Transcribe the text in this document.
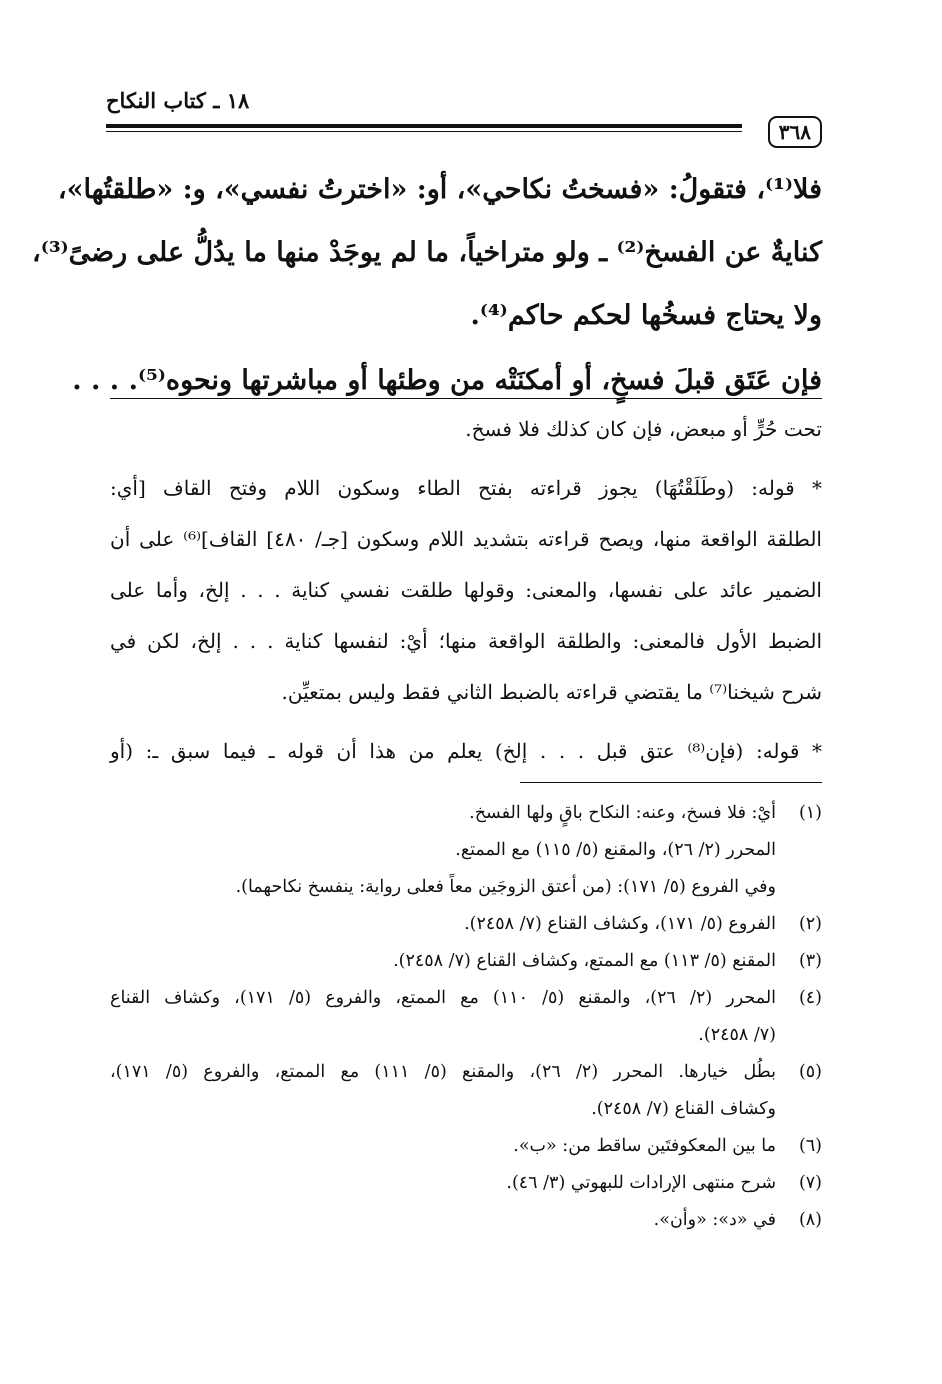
١٨ ـ كتاب النكاح
٣٦٨

فلا⁽¹⁾، فتقولُ: «فسختُ نكاحي»، أو: «اخترتُ نفسي»، و: «طلقتُها»،
كنايةٌ عن الفسخ⁽²⁾ ـ ولو متراخياً، ما لم يوجَدْ منها ما يدُلُّ على رضىً⁽³⁾،
ولا يحتاج فسخُها لحكم حاكم⁽⁴⁾.

فإن عَتَق قبلَ فسخٍ، أو أمكنَتْه من وطئها أو مباشرتها ونحوه⁽⁵⁾. . . .

تحت حُرٍّ أو مبعض، فإن كان كذلك فلا فسخ.
* قوله: (وطَلَقْتُهَا) يجوز قراءته بفتح الطاء وسكون اللام وفتح القاف [أي:
الطلقة الواقعة منها، ويصح قراءته بتشديد اللام وسكون [جـ/ ٤٨٠] القاف]⁽⁶⁾ على أن
الضمير عائد على نفسها، والمعنى: وقولها طلقت نفسي كناية . . . إلخ، وأما على
الضبط الأول فالمعنى: والطلقة الواقعة منها؛ أيْ: لنفسها كناية . . . إلخ، لكن في
شرح شيخنا⁽⁷⁾ ما يقتضي قراءته بالضبط الثاني فقط وليس بمتعيِّن.
* قوله: (فإن⁽⁸⁾ عتق قبل . . . إلخ) يعلم من هذا أن قوله ـ فيما سبق ـ: (أو
(١)
أيْ: فلا فسخ، وعنه: النكاح باقٍ ولها الفسخ.
المحرر (٢/ ٢٦)، والمقنع (٥/ ١١٥) مع الممتع.
وفي الفروع (٥/ ١٧١): (من أعتق الزوجَين معاً فعلى رواية: ينفسخ نكاحهما).
(٢)
الفروع (٥/ ١٧١)، وكشاف القناع (٧/ ٢٤٥٨).
(٣)
المقنع (٥/ ١١٣) مع الممتع، وكشاف القناع (٧/ ٢٤٥٨).
(٤)
المحرر (٢/ ٢٦)، والمقنع (٥/ ١١٠) مع الممتع، والفروع (٥/ ١٧١)، وكشاف القناع
(٧/ ٢٤٥٨).
(٥)
بطُل خيارها. المحرر (٢/ ٢٦)، والمقنع (٥/ ١١١) مع الممتع، والفروع (٥/ ١٧١)،
وكشاف القناع (٧/ ٢٤٥٨).
(٦)
ما بين المعكوفتَين ساقط من: «ب».
(٧)
شرح منتهى الإرادات للبهوتي (٣/ ٤٦).
(٨)
في «د»: «وأن».
